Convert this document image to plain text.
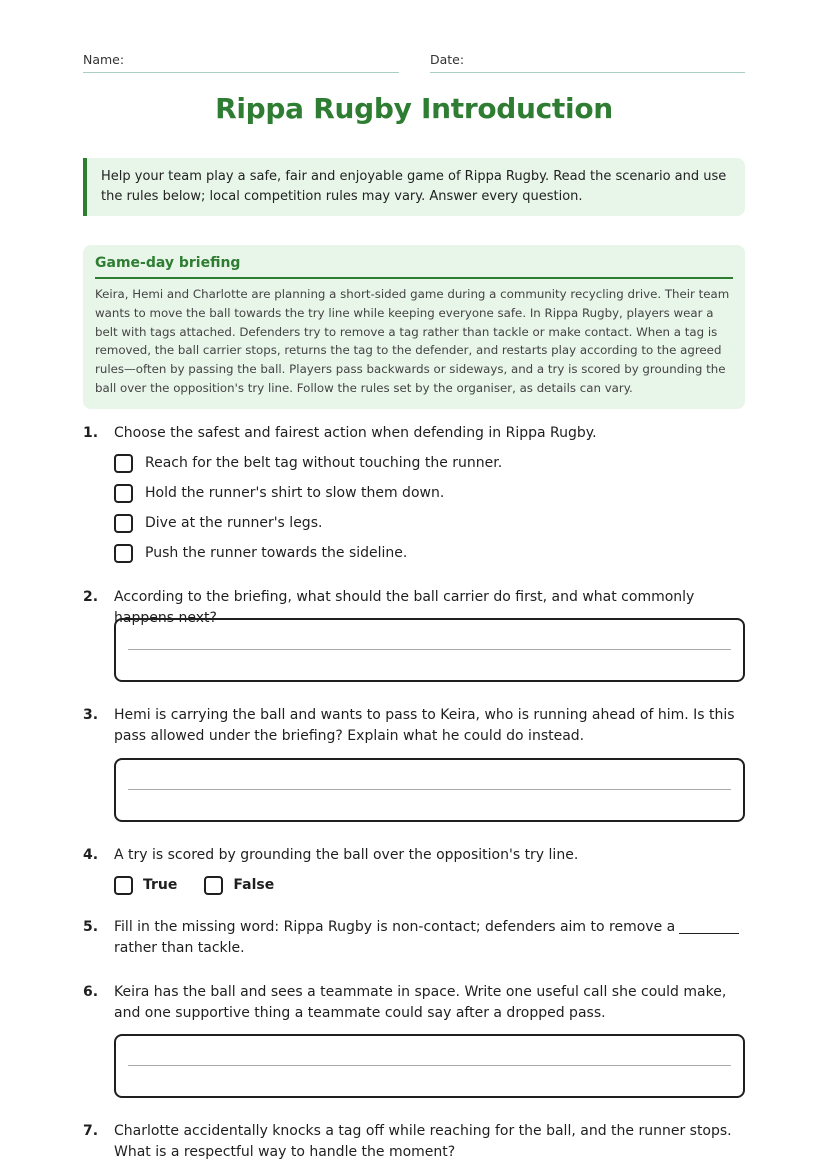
Name:	Date:
Rippa Rugby Introduction
Help your team play a safe, fair and enjoyable game of Rippa Rugby. Read the scenario and use the rules below; local competition rules may vary. Answer every question.
Game-day briefing
Keira, Hemi and Charlotte are planning a short-sided game during a community recycling drive. Their team wants to move the ball towards the try line while keeping everyone safe. In Rippa Rugby, players wear a belt with tags attached. Defenders try to remove a tag rather than tackle or make contact. When a tag is removed, the ball carrier stops, returns the tag to the defender, and restarts play according to the agreed rules—often by passing the ball. Players pass backwards or sideways, and a try is scored by grounding the ball over the opposition's try line. Follow the rules set by the organiser, as details can vary.
1. Choose the safest and fairest action when defending in Rippa Rugby.
Reach for the belt tag without touching the runner.
Hold the runner's shirt to slow them down.
Dive at the runner's legs.
Push the runner towards the sideline.
2. According to the briefing, what should the ball carrier do first, and what commonly happens next?
3. Hemi is carrying the ball and wants to pass to Keira, who is running ahead of him. Is this pass allowed under the briefing? Explain what he could do instead.
4. A try is scored by grounding the ball over the opposition's try line.
True	False
5. Fill in the missing word: Rippa Rugby is non-contact; defenders aim to remove a rather than tackle.
6. Keira has the ball and sees a teammate in space. Write one useful call she could make, and one supportive thing a teammate could say after a dropped pass.
7. Charlotte accidentally knocks a tag off while reaching for the ball, and the runner stops. What is a respectful way to handle the moment?
